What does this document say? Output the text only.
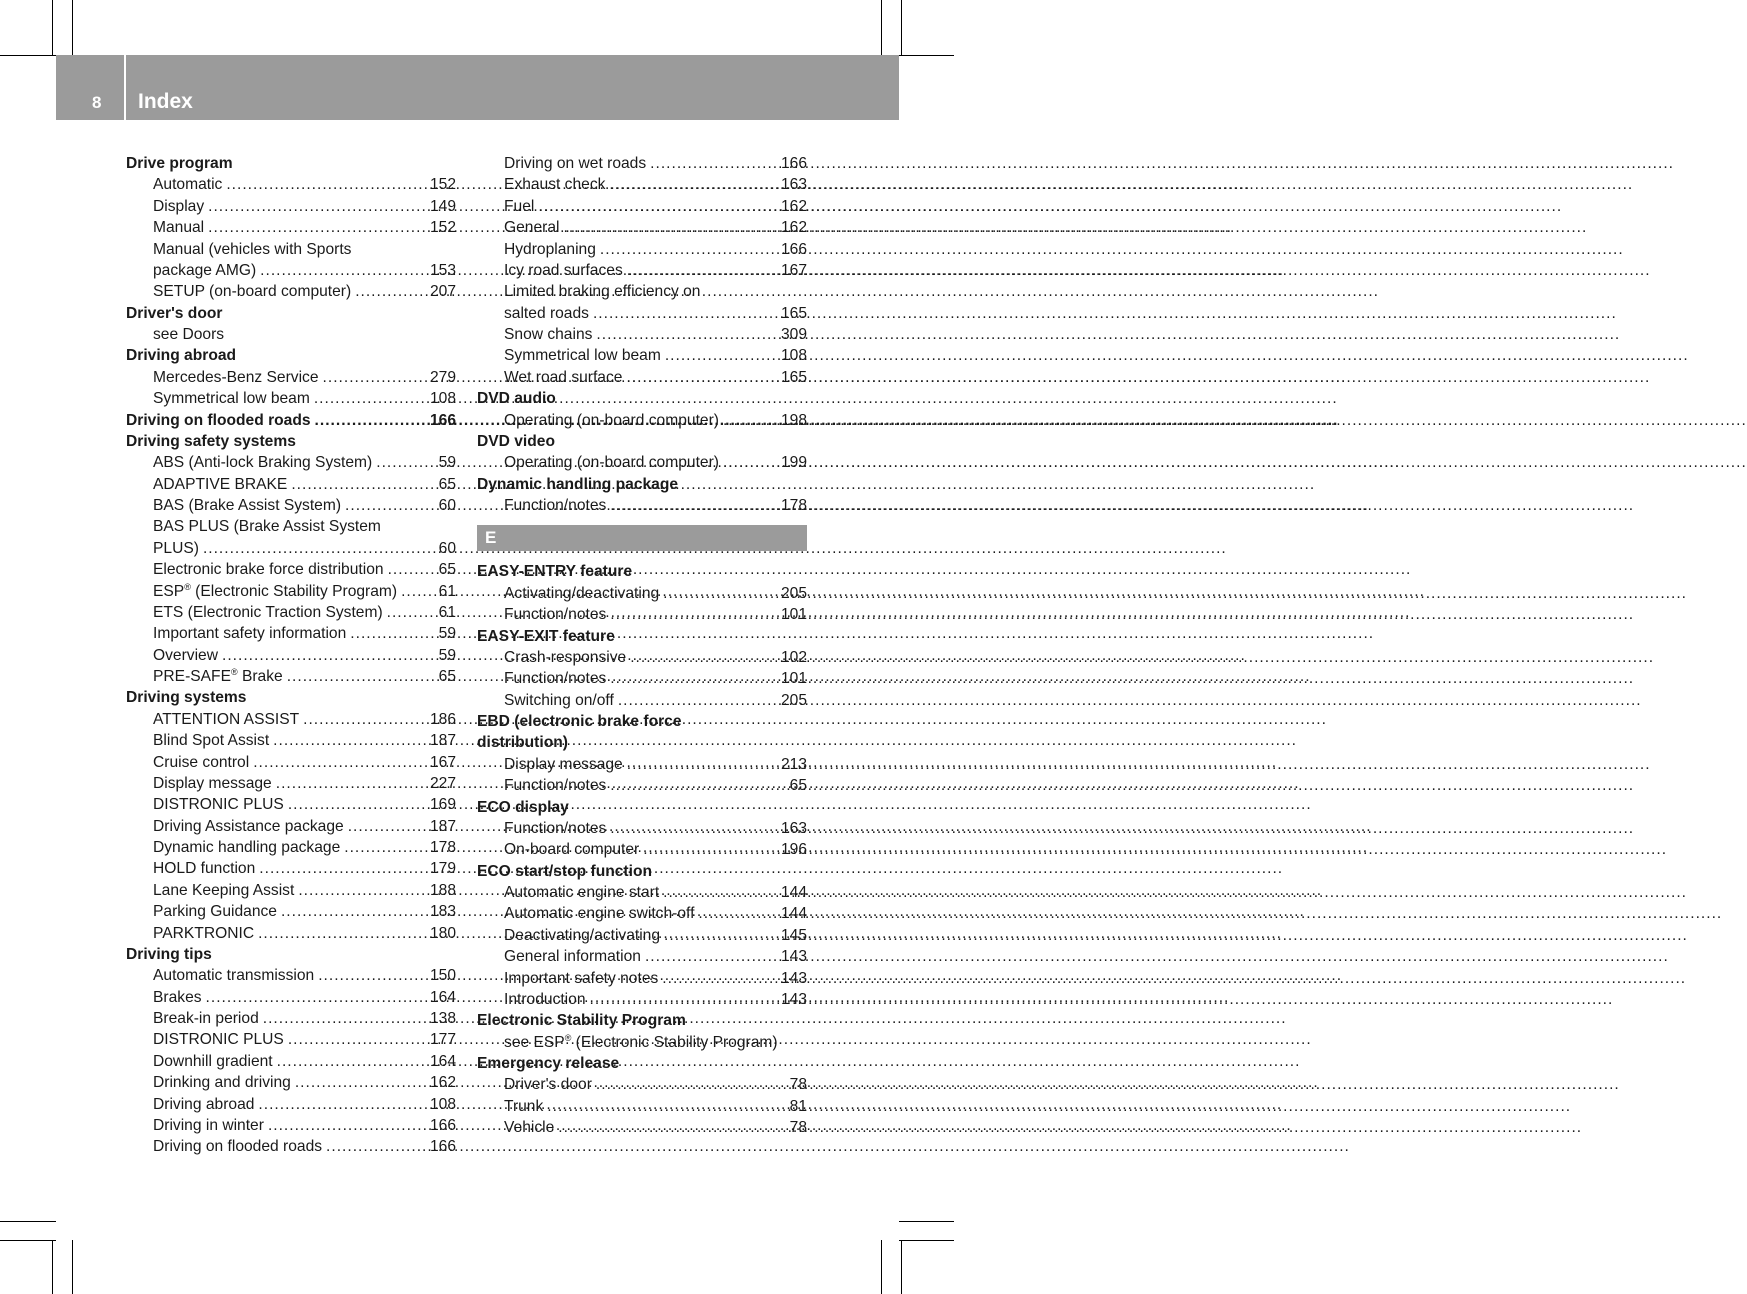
8 Index
Drive program
Automatic .....	152
Display .....	149
Manual .....	152
Manual (vehicles with Sports
package AMG) .....	153
SETUP (on-board computer) .....	207
Driver's door
see Doors
Driving abroad
Mercedes-Benz Service .....	279
Symmetrical low beam .....	108
Driving on flooded roads .....	166
Driving safety systems
ABS (Anti-lock Braking System) .....	59
ADAPTIVE BRAKE .....	65
BAS (Brake Assist System) .....	60
BAS PLUS (Brake Assist System
PLUS) .....	60
Electronic brake force distribution .....	65
ESP® (Electronic Stability Program) .....	61
ETS (Electronic Traction System) .....	61
Important safety information .....	59
Overview .....	59
PRE-SAFE® Brake .....	65
Driving systems
ATTENTION ASSIST .....	186
Blind Spot Assist .....	187
Cruise control .....	167
Display message .....	227
DISTRONIC PLUS .....	169
Driving Assistance package .....	187
Dynamic handling package .....	178
HOLD function .....	179
Lane Keeping Assist .....	188
Parking Guidance .....	183
PARKTRONIC .....	180
Driving tips
Automatic transmission .....	150
Brakes .....	164
Break-in period .....	138
DISTRONIC PLUS .....	177
Downhill gradient .....	164
Drinking and driving .....	162
Driving abroad .....	108
Driving in winter .....	166
Driving on flooded roads .....	166
Driving on wet roads .....	166
Exhaust check .....	163
Fuel .....	162
General .....	162
Hydroplaning .....	166
Icy road surfaces .....	167
Limited braking efficiency on
salted roads .....	165
Snow chains .....	309
Symmetrical low beam .....	108
Wet road surface .....	165
DVD audio
Operating (on-board computer) .....	198
DVD video
Operating (on-board computer) .....	199
Dynamic handling package
Function/notes .....	178
E
EASY-ENTRY feature
Activating/deactivating .....	205
Function/notes .....	101
EASY-EXIT feature
Crash-responsive .....	102
Function/notes .....	101
Switching on/off .....	205
EBD (electronic brake force
distribution)
Display message .....	213
Function/notes .....	65
ECO display
Function/notes .....	163
On-board computer .....	196
ECO start/stop function
Automatic engine start .....	144
Automatic engine switch-off .....	144
Deactivating/activating .....	145
General information .....	143
Important safety notes .....	143
Introduction .....	143
Electronic Stability Program
see ESP® (Electronic Stability Program)
Emergency release
Driver's door .....	78
Trunk .....	81
Vehicle .....	78
